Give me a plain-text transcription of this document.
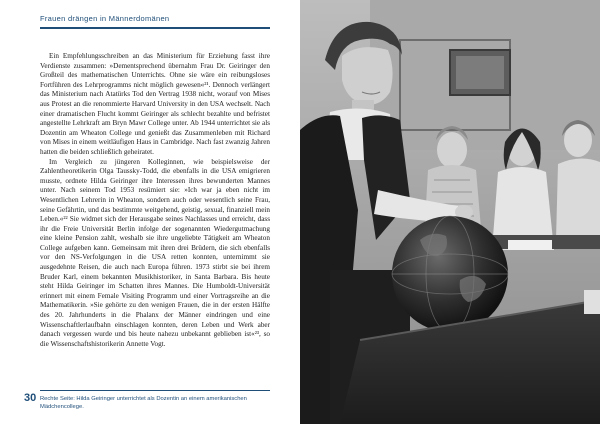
Frauen drängen in Männerdomänen

Ein Empfehlungsschreiben an das Ministerium für Erziehung fasst ihre Verdienste zusammen: »Dementsprechend übernahm Frau Dr. Geiringer den Großteil des mathematischen Unterrichts. Ohne sie wäre ein reibungsloses Fortführen des Lehrprogramms nicht möglich gewesen«²¹. Dennoch verlängert das Ministerium nach Atatürks Tod den Vertrag 1938 nicht, worauf von Mises aus Protest an die renommierte Harvard University in den USA wechselt. Nach einer dramatischen Flucht kommt Geiringer als schlecht bezahlte und befristet angestellte Lehrkraft am Bryn Mawr College unter. Ab 1944 unterrichtet sie als Dozentin am Wheaton College und genießt das Zusammenleben mit Richard von Mises in einem weitläufigen Haus in Cambridge. Nach fast zwanzig Jahren hatten die beiden schließlich geheiratet.

Im Vergleich zu jüngeren Kolleginnen, wie beispielsweise der Zahlentheoretikerin Olga Taussky-Todd, die ebenfalls in die USA emigrieren musste, ordnete Hilda Geiringer ihre Interessen ihres bewunderten Mannes unter. Nach seinem Tod 1953 resümiert sie: »Ich war ja eben nicht im Wesentlichen Lehrerin in Wheaton, sondern auch oder wesentlich seine Frau, seine Gefährtin, und das bestimmte weitgehend, geistig, sexual, finanziell mein Leben.«²² Sie widmet sich der Herausgabe seines Nachlasses und erreicht, dass ihr die Freie Universität Berlin infolge der sogenannten Wiedergutmachung eine kleine Pension zahlt, weshalb sie ihre ungeliebte Tätigkeit am Wheaton College aufgeben kann. Gemeinsam mit ihren drei Brüdern, die sich ebenfalls vor den NS-Verfolgungen in die USA retten konnten, unternimmt sie ausgedehnte Reisen, die auch nach Europa führen. 1973 stirbt sie bei ihrem Bruder Karl, einem bekannten Musikhistoriker, in Santa Barbara. Bis heute steht Hilda Geiringer im Schatten ihres Mannes. Die Humboldt-Universität erinnert mit einem Female Visiting Programm und einer Vortragsreihe an die Mathematikerin. »Sie gehörte zu den wenigen Frauen, die in der ersten Hälfte des 20. Jahrhunderts in die Phalanx der Männer eindringen und eine Wissenschaftlerlaufbahn einschlagen konnten, deren Leben und Werk aber danach vergessen wurde und bis heute nahezu unbekannt geblieben ist«²³, so die Wissenschaftshistorikerin Annette Vogt.

30 Rechte Seite: Hilda Geiringer unterrichtet als Dozentin an einem amerikanischen Mädchencollege.
